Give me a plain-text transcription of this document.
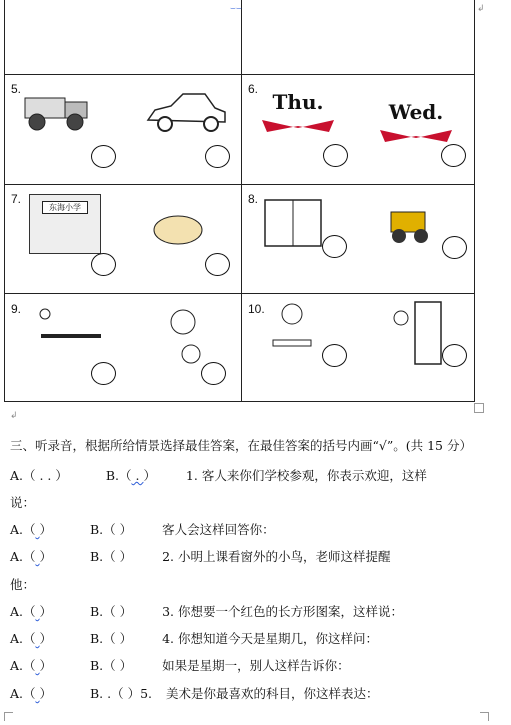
⌣⌣	↲
5.	6.
Thu.	Wed.
7.
东海小学
8.
9.	10.
↲
三、听录音，根据所给情景选择最佳答案，在最佳答案的括号内画“√”。(共 15 分）
A.（ . . ）	B.（ . ） 1. 客人来你们学校参观，你表示欢迎，这样
说：
A.（ ）	B.（ ） 客人会这样回答你：
A.（ ）	B.（ ） 2. 小明上课看窗外的小鸟，老师这样提醒
他：
A.（ ）	B.（ ） 3. 你想要一个红色的长方形图案，这样说：
A.（ ）	B.（ ） 4. 你想知道今天是星期几，你这样问：
A.（ ）	B.（ ） 如果是星期一，别人这样告诉你：
A.（ ）	B. .（ ）5. 美术是你最喜欢的科目，你这样表达：
